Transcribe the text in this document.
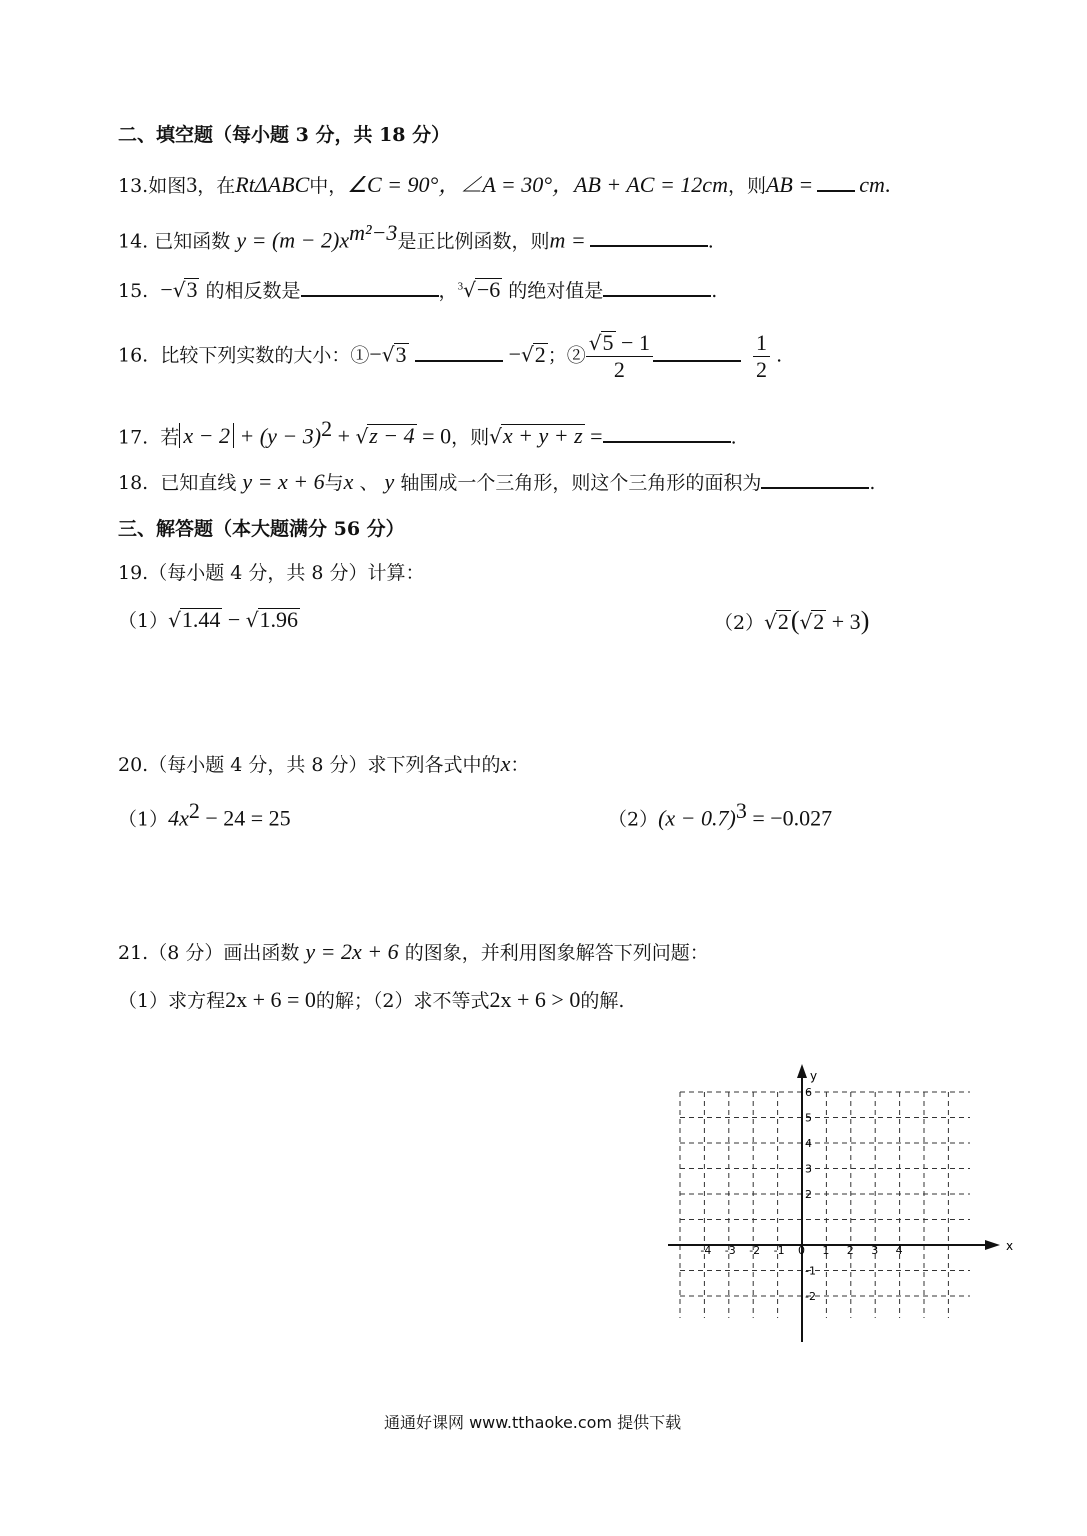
二、填空题（每小题 3 分，共 18 分）
13.如图3，在RtΔABC中，∠C = 90°，∠A = 30°，AB + AC = 12cm，则AB = cm.
14. 已知函数 $y = (m - 2)x^{m^2-3}$是正比例函数，则m =	.
15. −√3 的相反数是	，$^3$√−6 的绝对值是	.
16. 比较下列实数的大小：①−√3	−√2 ；② $\frac{√5 - 1}{2}$
	$\frac{1}{2}$ .
17. 若 $x - 2 + (y - 3)^2 + √z - 4 = 0$，则√x + y + z =	.
18. 已知直线 y = x + 6与x 、 y 轴围成一个三角形，则这个三角形的面积为	.
三、解答题（本大题满分 56 分）
19.（每小题 4 分，共 8 分）计算：
（1）√1.44 − √1.96	（2）√2(√2 + 3)
20.（每小题 4 分，共 8 分）求下列各式中的x：
$(1)4x^2 - 24 = 25$	$(2)(x - 0.7)^3 = -0.027$
21.（8 分）画出函数 y = 2x + 6 的图象，并利用图象解答下列问题：
（1）求方程2x + 6 = 0的解；（2）求不等式2x + 6 > 0的解.
x
y
-4 -3 -2 -1 0 1 2 3 4
6
5
4
3
2
-1
-2
通通好课网 www.tthaoke.com 提供下载
